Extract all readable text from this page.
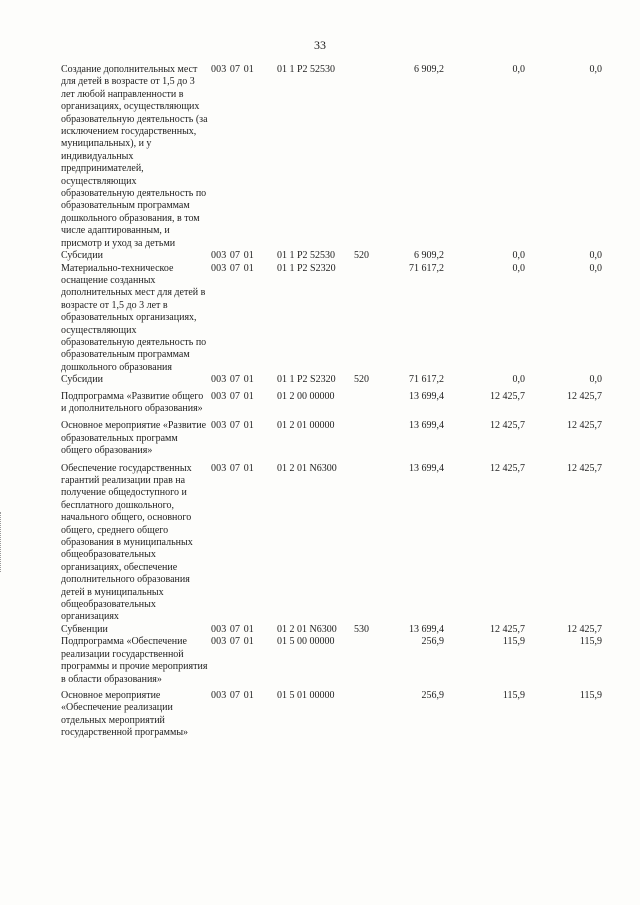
33
Создание дополнительных мест для детей в возрасте от 1,5 до 3 лет любой направленности в организациях, осуществляющих образовательную деятельность (за исключением государственных, муниципальных), и у индивидуальных предпринимателей, осуществляющих образовательную деятельность по образовательным программам дошкольного образования, в том числе адаптированным, и присмотр и уход за детьми		003 07 01	01 1 P2 52530		6 909,2	0,0	0,0
Субсидии		003 07 01	01 1 P2 52530	520	6 909,2	0,0	0,0
Материально-техническое оснащение созданных дополнительных мест для детей в возрасте от 1,5 до 3 лет в образовательных организациях, осуществляющих образовательную деятельность по образовательным программам дошкольного образования		003 07 01	01 1 P2 S2320		71 617,2	0,0	0,0
Субсидии		003 07 01	01 1 P2 S2320	520	71 617,2	0,0	0,0
Подпрограмма «Развитие общего и дополнительного образования»		003 07 01	01 2 00 00000		13 699,4	12 425,7	12 425,7
Основное мероприятие «Развитие образовательных программ общего образования»		003 07 01	01 2 01 00000		13 699,4	12 425,7	12 425,7
Обеспечение государственных гарантий реализации прав на получение общедоступного и бесплатного дошкольного, начального общего, основного общего, среднего общего образования в муниципальных общеобразовательных организациях, обеспечение дополнительного образования детей в муниципальных общеобразовательных организациях		003 07 01	01 2 01 N6300		13 699,4	12 425,7	12 425,7
Субвенции		003 07 01	01 2 01 N6300	530	13 699,4	12 425,7	12 425,7
Подпрограмма «Обеспечение реализации государственной программы и прочие мероприятия в области образования»		003 07 01	01 5 00 00000		256,9	115,9	115,9
Основное мероприятие «Обеспечение реализации отдельных мероприятий государственной программы»		003 07 01	01 5 01 00000		256,9	115,9	115,9
